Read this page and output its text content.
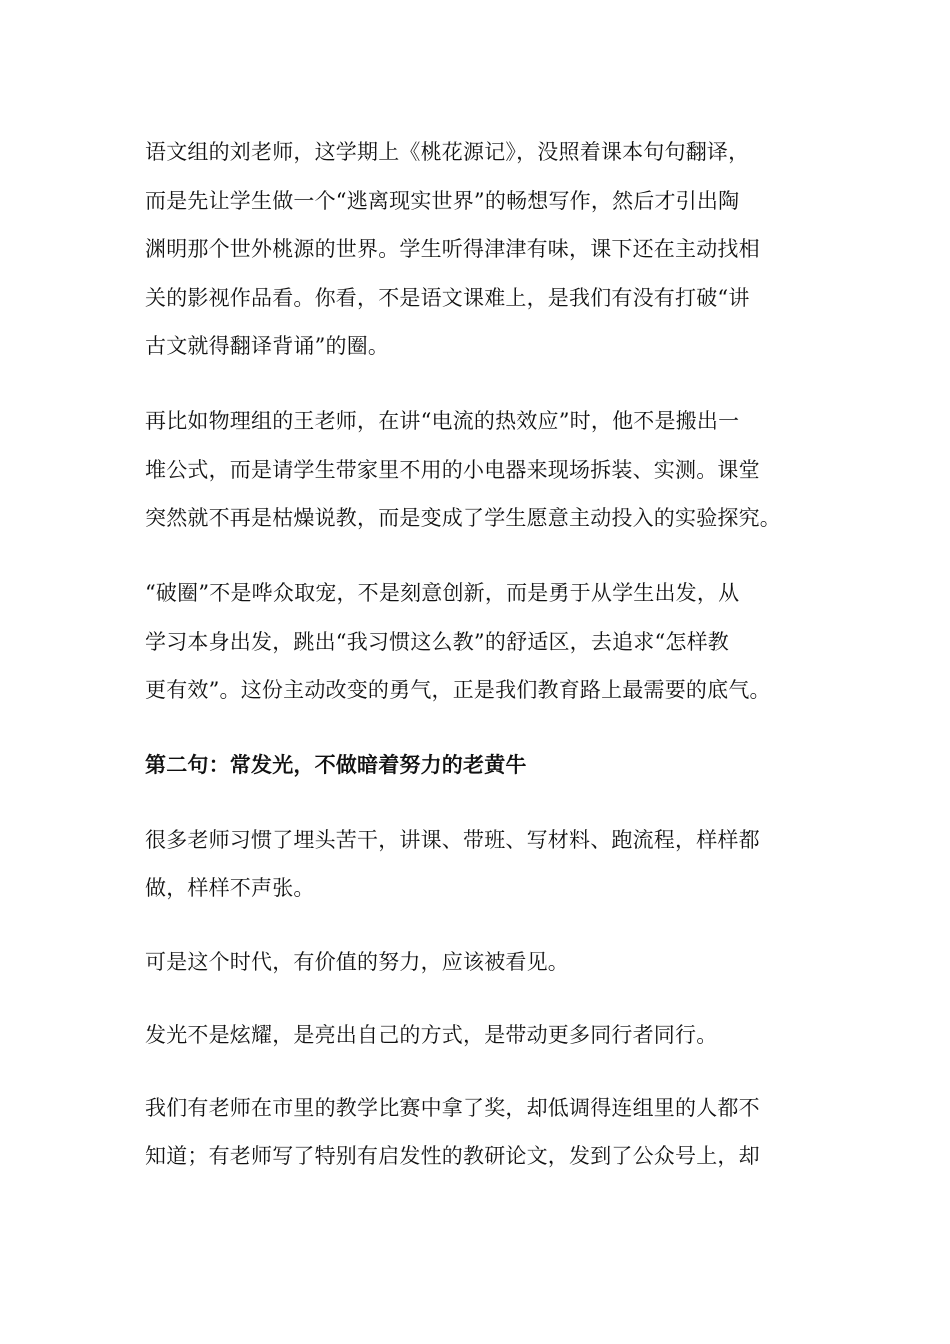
语文组的刘老师，这学期上《桃花源记》，没照着课本句句翻译，
而是先让学生做一个“逃离现实世界”的畅想写作，然后才引出陶
渊明那个世外桃源的世界。学生听得津津有味，课下还在主动找相
关的影视作品看。你看，不是语文课难上，是我们有没有打破“讲
古文就得翻译背诵”的圈。
再比如物理组的王老师，在讲“电流的热效应”时，他不是搬出一
堆公式，而是请学生带家里不用的小电器来现场拆装、实测。课堂
突然就不再是枯燥说教，而是变成了学生愿意主动投入的实验探究。
“破圈”不是哗众取宠，不是刻意创新，而是勇于从学生出发，从
学习本身出发，跳出“我习惯这么教”的舒适区，去追求“怎样教
更有效”。这份主动改变的勇气，正是我们教育路上最需要的底气。
第二句：常发光，不做暗着努力的老黄牛
很多老师习惯了埋头苦干，讲课、带班、写材料、跑流程，样样都
做，样样不声张。
可是这个时代，有价值的努力，应该被看见。
发光不是炫耀，是亮出自己的方式，是带动更多同行者同行。
我们有老师在市里的教学比赛中拿了奖，却低调得连组里的人都不
知道；有老师写了特别有启发性的教研论文，发到了公众号上，却
